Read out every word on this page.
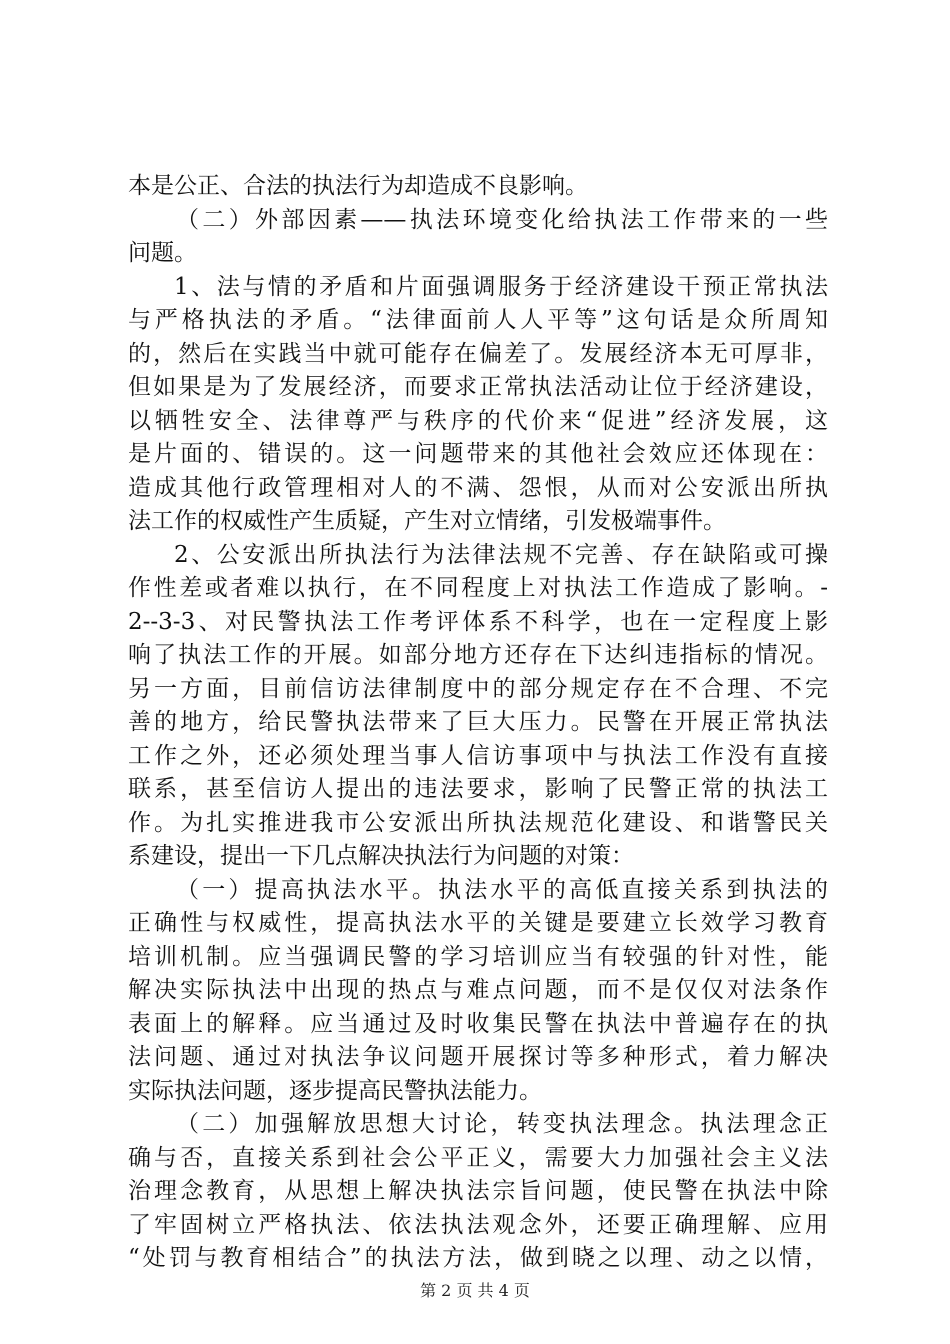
本是公正、合法的执法行为却造成不良影响。
（二）外部因素——执法环境变化给执法工作带来的一些
问题。
1、法与情的矛盾和片面强调服务于经济建设干预正常执法
与严格执法的矛盾。“法律面前人人平等”这句话是众所周知
的，然后在实践当中就可能存在偏差了。发展经济本无可厚非，
但如果是为了发展经济，而要求正常执法活动让位于经济建设，
以牺牲安全、法律尊严与秩序的代价来“促进”经济发展，这
是片面的、错误的。这一问题带来的其他社会效应还体现在：
造成其他行政管理相对人的不满、怨恨，从而对公安派出所执
法工作的权威性产生质疑，产生对立情绪，引发极端事件。
2、公安派出所执法行为法律法规不完善、存在缺陷或可操
作性差或者难以执行，在不同程度上对执法工作造成了影响。-
2--3-3、对民警执法工作考评体系不科学，也在一定程度上影
响了执法工作的开展。如部分地方还存在下达纠违指标的情况。
另一方面，目前信访法律制度中的部分规定存在不合理、不完
善的地方，给民警执法带来了巨大压力。民警在开展正常执法
工作之外，还必须处理当事人信访事项中与执法工作没有直接
联系，甚至信访人提出的违法要求，影响了民警正常的执法工
作。为扎实推进我市公安派出所执法规范化建设、和谐警民关
系建设，提出一下几点解决执法行为问题的对策：
（一）提高执法水平。执法水平的高低直接关系到执法的
正确性与权威性，提高执法水平的关键是要建立长效学习教育
培训机制。应当强调民警的学习培训应当有较强的针对性，能
解决实际执法中出现的热点与难点问题，而不是仅仅对法条作
表面上的解释。应当通过及时收集民警在执法中普遍存在的执
法问题、通过对执法争议问题开展探讨等多种形式，着力解决
实际执法问题，逐步提高民警执法能力。
（二）加强解放思想大讨论，转变执法理念。执法理念正
确与否，直接关系到社会公平正义，需要大力加强社会主义法
治理念教育，从思想上解决执法宗旨问题，使民警在执法中除
了牢固树立严格执法、依法执法观念外，还要正确理解、应用
“处罚与教育相结合”的执法方法，做到晓之以理、动之以情，
第 2 页 共 4 页
